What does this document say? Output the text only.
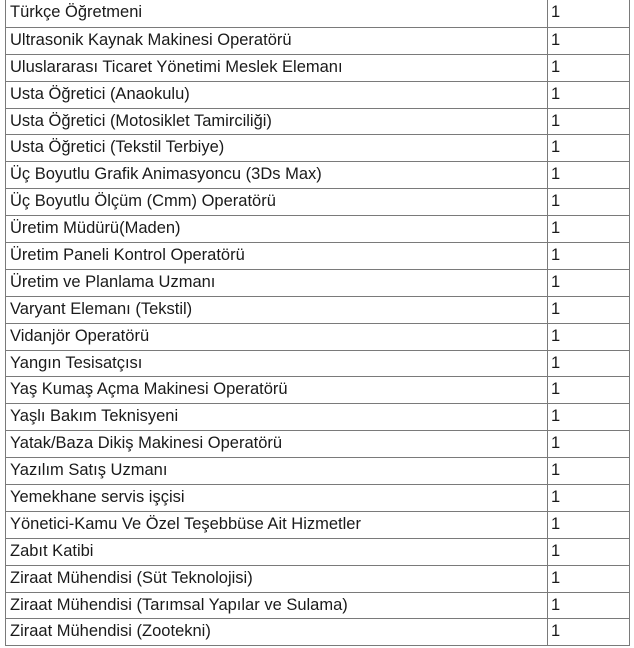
Türkçe Öğretmeni	1
Ultrasonik Kaynak Makinesi Operatörü	1
Uluslararası Ticaret Yönetimi Meslek Elemanı	1
Usta Öğretici (Anaokulu)	1
Usta Öğretici (Motosiklet Tamirciliği)	1
Usta Öğretici (Tekstil Terbiye)	1
Üç Boyutlu Grafik Animasyoncu (3Ds Max)	1
Üç Boyutlu Ölçüm (Cmm) Operatörü	1
Üretim Müdürü(Maden)	1
Üretim Paneli Kontrol Operatörü	1
Üretim ve Planlama Uzmanı	1
Varyant Elemanı (Tekstil)	1
Vidanjör Operatörü	1
Yangın Tesisatçısı	1
Yaş Kumaş Açma Makinesi Operatörü	1
Yaşlı Bakım Teknisyeni	1
Yatak/Baza Dikiş Makinesi Operatörü	1
Yazılım Satış Uzmanı	1
Yemekhane servis işçisi	1
Yönetici-Kamu Ve Özel Teşebbüse Ait Hizmetler	1
Zabıt Katibi	1
Ziraat Mühendisi (Süt Teknolojisi)	1
Ziraat Mühendisi (Tarımsal Yapılar ve Sulama)	1
Ziraat Mühendisi (Zootekni)	1
